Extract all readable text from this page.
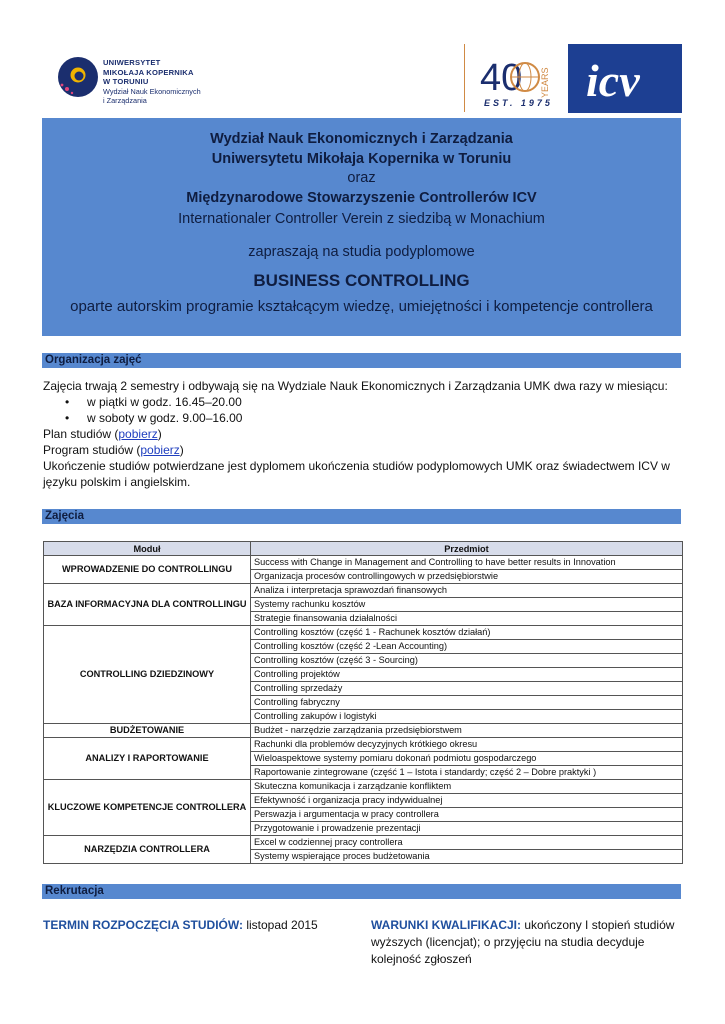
UNIWERSYTET
MIKOŁAJA KOPERNIKA
W TORUNIU
Wydział Nauk Ekonomicznych
i Zarządzania
40 YEARS
EST. 1975 icv
Wydział Nauk Ekonomicznych i Zarządzania
Uniwersytetu Mikołaja Kopernika w Toruniu
oraz
Międzynarodowe Stowarzyszenie Controllerów ICV
Internationaler Controller Verein z siedzibą w Monachium
zapraszają na studia podyplomowe
BUSINESS CONTROLLING
oparte autorskim programie kształcącym wiedzę, umiejętności i kompetencje controllera
Organizacja zajęć
Zajęcia trwają 2 semestry i odbywają się na Wydziale Nauk Ekonomicznych i Zarządzania UMK dwa razy w miesiącu:
• w piątki w godz. 16.45–20.00
• w soboty w godz. 9.00–16.00
Plan studiów (pobierz)
Program studiów (pobierz)
Ukończenie studiów potwierdzane jest dyplomem ukończenia studiów podyplomowych UMK oraz świadectwem ICV w języku polskim i angielskim.
Zajęcia
Moduł	Przedmiot
WPROWADZENIE DO CONTROLLINGU	Success with Change in Management and Controlling to have better results in Innovation
	Organizacja procesów controllingowych w przedsiębiorstwie
BAZA INFORMACYJNA DLA CONTROLLINGU	Analiza i interpretacja sprawozdań finansowych
	Systemy rachunku kosztów
	Strategie finansowania działalności
CONTROLLING DZIEDZINOWY	Controlling kosztów (część 1 - Rachunek kosztów działań)
	Controlling kosztów (część 2 -Lean Accounting)
	Controlling kosztów (część 3 - Sourcing)
	Controlling projektów
	Controlling sprzedaży
	Controlling fabryczny
	Controlling zakupów i logistyki
BUDŻETOWANIE	Budżet - narzędzie zarządzania przedsiębiorstwem
ANALIZY I RAPORTOWANIE	Rachunki dla problemów decyzyjnych krótkiego okresu
	Wieloaspektowe systemy pomiaru dokonań podmiotu gospodarczego
	Raportowanie zintegrowane (część 1 – Istota i standardy; część 2 – Dobre praktyki )
KLUCZOWE KOMPETENCJE CONTROLLERA	Skuteczna komunikacja i zarządzanie konfliktem
	Efektywność i organizacja pracy indywidualnej
	Perswazja i argumentacja w pracy controllera
	Przygotowanie i prowadzenie prezentacji
NARZĘDZIA CONTROLLERA	Excel w codziennej pracy controllera
	Systemy wspierające proces budżetowania
Rekrutacja
TERMIN ROZPOCZĘCIA STUDIÓW: listopad 2015	WARUNKI KWALIFIKACJI: ukończony I stopień studiów wyższych (licencjat); o przyjęciu na studia decyduje kolejność zgłoszeń
